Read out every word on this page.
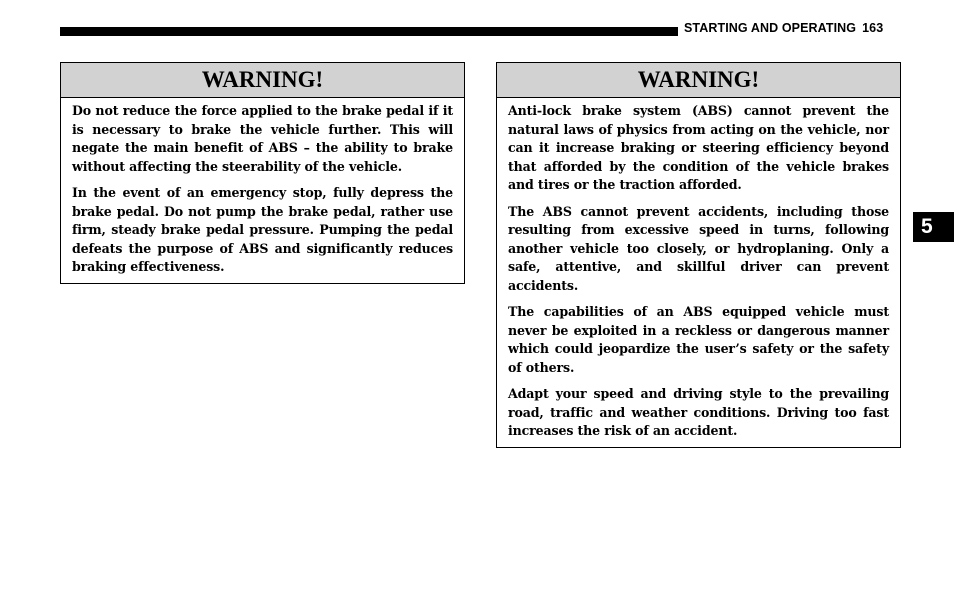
STARTING AND OPERATING 163
WARNING!

Do not reduce the force applied to the brake pedal if it is necessary to brake the vehicle further. This will negate the main benefit of ABS – the ability to brake without affecting the steerability of the vehicle.

In the event of an emergency stop, fully depress the brake pedal. Do not pump the brake pedal, rather use firm, steady brake pedal pressure. Pumping the pedal defeats the purpose of ABS and significantly reduces braking effectiveness.

WARNING!

Anti-lock brake system (ABS) cannot prevent the natural laws of physics from acting on the vehicle, nor can it increase braking or steering efficiency beyond that afforded by the condition of the vehicle brakes and tires or the traction afforded.

The ABS cannot prevent accidents, including those resulting from excessive speed in turns, following another vehicle too closely, or hydroplaning. Only a safe, attentive, and skillful driver can prevent accidents.

The capabilities of an ABS equipped vehicle must never be exploited in a reckless or dangerous manner which could jeopardize the user’s safety or the safety of others.

Adapt your speed and driving style to the prevailing road, traffic and weather conditions. Driving too fast increases the risk of an accident.

5
